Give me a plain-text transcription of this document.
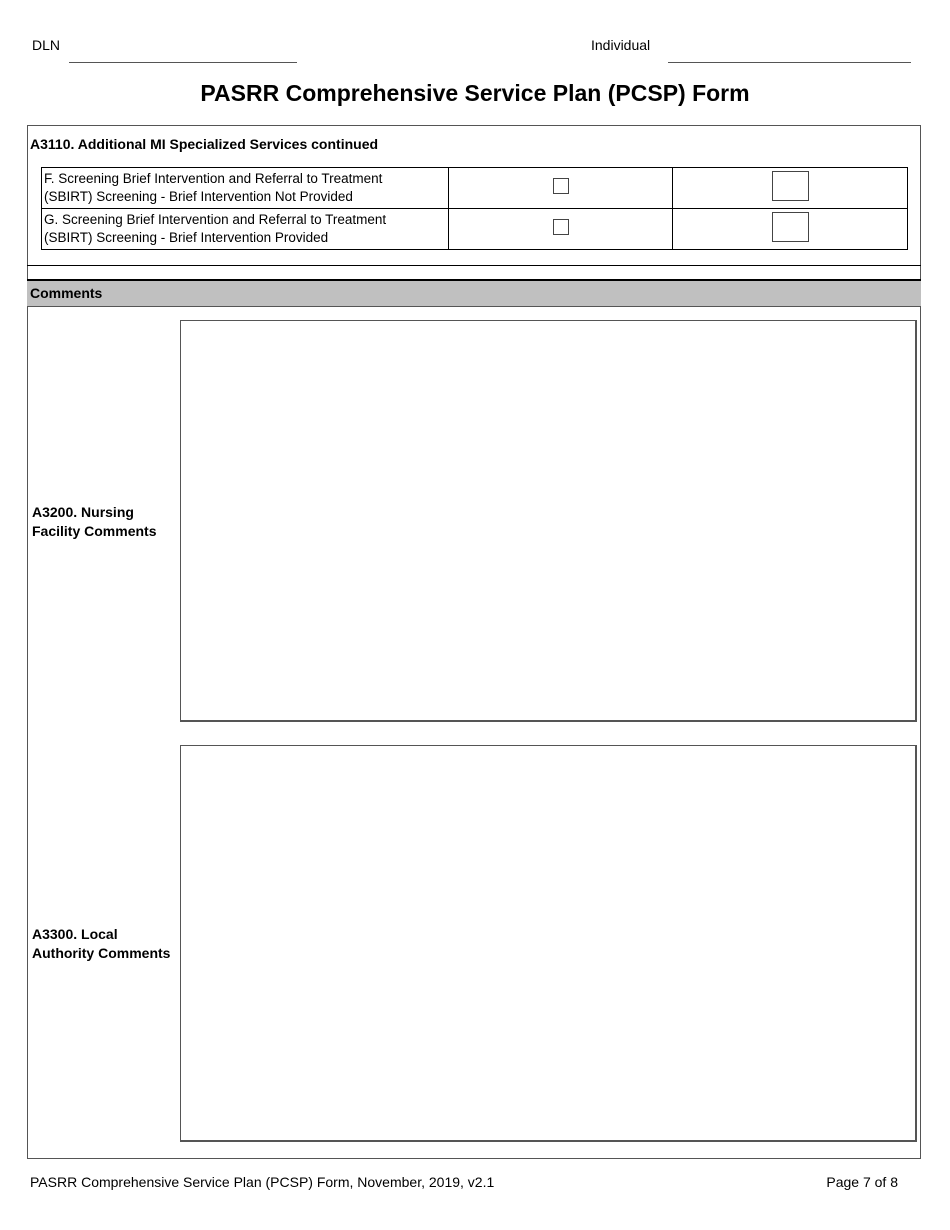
DLN	Individual
PASRR Comprehensive Service Plan (PCSP) Form
A3110. Additional MI Specialized Services continued
F. Screening Brief Intervention and Referral to Treatment
(SBIRT) Screening - Brief Intervention Not Provided		

G. Screening Brief Intervention and Referral to Treatment
(SBIRT) Screening - Brief Intervention Provided		

Comments
A3200. Nursing
Facility Comments
A3300. Local
Authority Comments
PASRR Comprehensive Service Plan (PCSP) Form, November, 2019, v2.1	Page 7 of 8
